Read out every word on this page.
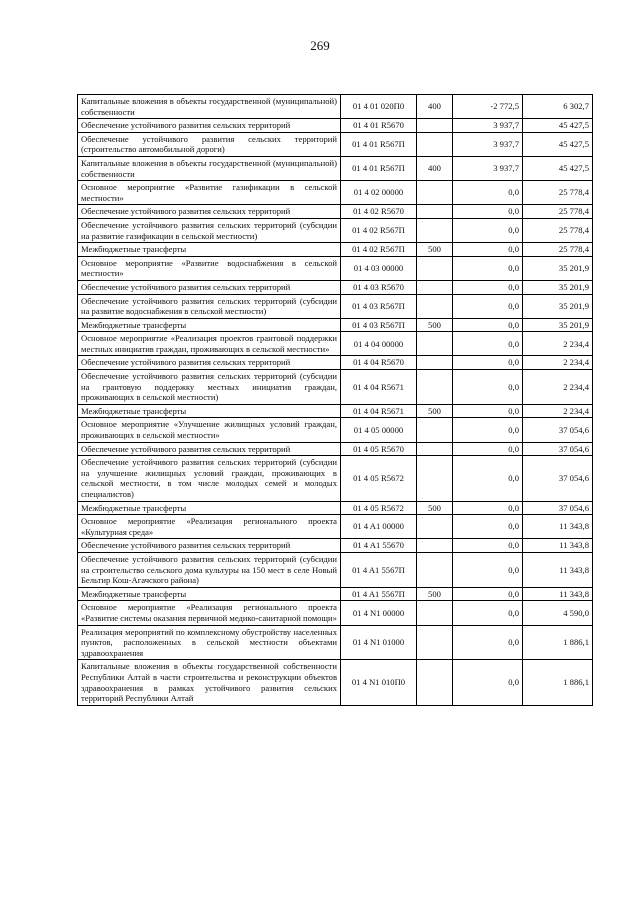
269
Капитальные вложения в объекты государственной (муниципальной) собственности	01 4 01 020П0	400	-2 772,5	6 302,7
Обеспечение устойчивого развития сельских территорий	01 4 01 R5670		3 937,7	45 427,5
Обеспечение устойчивого развития сельских территорий (строительство автомобильной дороги)	01 4 01 R567П		3 937,7	45 427,5
Капитальные вложения в объекты государственной (муниципальной) собственности	01 4 01 R567П	400	3 937,7	45 427,5
Основное мероприятие «Развитие газификации в сельской местности»	01 4 02 00000		0,0	25 778,4
Обеспечение устойчивого развития сельских территорий	01 4 02 R5670		0,0	25 778,4
Обеспечение устойчивого развития сельских территорий (субсидии на развитие газификации в сельской местности)	01 4 02 R567П		0,0	25 778,4
Межбюджетные трансферты	01 4 02 R567П	500	0,0	25 778,4
Основное мероприятие «Развитие водоснабжения в сельской местности»	01 4 03 00000		0,0	35 201,9
Обеспечение устойчивого развития сельских территорий	01 4 03 R5670		0,0	35 201,9
Обеспечение устойчивого развития сельских территорий (субсидии на развитие водоснабжения в сельской местности)	01 4 03 R567П		0,0	35 201,9
Межбюджетные трансферты	01 4 03 R567П	500	0,0	35 201,9
Основное мероприятие «Реализация проектов грантовой поддержки местных инициатив граждан, проживающих в сельской местности»	01 4 04 00000		0,0	2 234,4
Обеспечение устойчивого развития сельских территорий	01 4 04 R5670		0,0	2 234,4
Обеспечение устойчивого развития сельских территорий (субсидии на грантовую поддержку местных инициатив граждан, проживающих в сельской местности)	01 4 04 R5671		0,0	2 234,4
Межбюджетные трансферты	01 4 04 R5671	500	0,0	2 234,4
Основное мероприятие «Улучшение жилищных условий граждан, проживающих в сельской местности»	01 4 05 00000		0,0	37 054,6
Обеспечение устойчивого развития сельских территорий	01 4 05 R5670		0,0	37 054,6
Обеспечение устойчивого развития сельских территорий (субсидии на улучшение жилищных условий граждан, проживающих в сельской местности, в том числе молодых семей и молодых специалистов)	01 4 05 R5672		0,0	37 054,6
Межбюджетные трансферты	01 4 05 R5672	500	0,0	37 054,6
Основное мероприятие «Реализация регионального проекта «Культурная среда»	01 4 A1 00000		0,0	11 343,8
Обеспечение устойчивого развития сельских территорий	01 4 A1 55670		0,0	11 343,8
Обеспечение устойчивого развития сельских территорий (субсидии на строительство сельского дома культуры на 150 мест в селе Новый Бельтир Кош-Агачского района)	01 4 A1 5567П		0,0	11 343,8
Межбюджетные трансферты	01 4 A1 5567П	500	0,0	11 343,8
Основное мероприятие «Реализация регионального проекта «Развитие системы оказания первичной медико-санитарной помощи»	01 4 N1 00000		0,0	4 590,0
Реализация мероприятий по комплексному обустройству населенных пунктов, расположенных в сельской местности объектами здравоохранения	01 4 N1 01000		0,0	1 886,1
Капитальные вложения в объекты государственной собственности Республики Алтай в части строительства и реконструкции объектов здравоохранения в рамках устойчивого развития сельских территорий Республики Алтай	01 4 N1 010П0		0,0	1 886,1
